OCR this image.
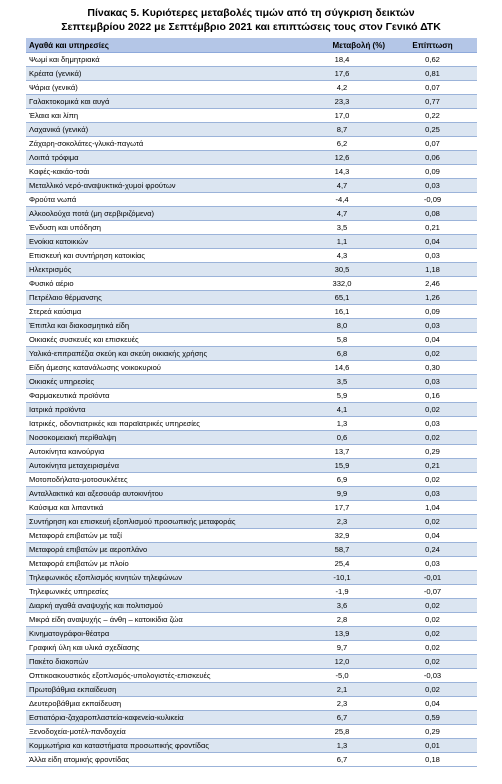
Πίνακας 5. Κυριότερες μεταβολές τιμών από τη σύγκριση δεικτών
Σεπτεμβρίου 2022 με Σεπτέμβριο 2021 και επιπτώσεις τους στον Γενικό ΔΤΚ
Αγαθά και υπηρεσίες	Μεταβολή (%)	Επίπτωση
Ψωμί και δημητριακά	18,4	0,62
Κρέατα (γενικά)	17,6	0,81
Ψάρια (γενικά)	4,2	0,07
Γαλακτοκομικά και αυγά	23,3	0,77
Έλαια και λίπη	17,0	0,22
Λαχανικά (γενικά)	8,7	0,25
Ζάχαρη-σοκολάτες-γλυκά-παγωτά	6,2	0,07
Λοιπά τρόφιμα	12,6	0,06
Καφές-κακάο-τσάι	14,3	0,09
Μεταλλικό νερό-αναψυκτικά-χυμοί φρούτων	4,7	0,03
Φρούτα νωπά	-4,4	-0,09
Αλκοολούχα ποτά (μη σερβιριζόμενα)	4,7	0,08
Ένδυση και υπόδηση	3,5	0,21
Ενοίκια κατοικιών	1,1	0,04
Επισκευή και συντήρηση κατοικίας	4,3	0,03
Ηλεκτρισμός	30,5	1,18
Φυσικό αέριο	332,0	2,46
Πετρέλαιο θέρμανσης	65,1	1,26
Στερεά καύσιμα	16,1	0,09
Έπιπλα και διακοσμητικά είδη	8,0	0,03
Οικιακές συσκευές και επισκευές	5,8	0,04
Υαλικά-επιτραπέζια σκεύη και σκεύη οικιακής χρήσης	6,8	0,02
Είδη άμεσης κατανάλωσης νοικοκυριού	14,6	0,30
Οικιακές υπηρεσίες	3,5	0,03
Φαρμακευτικά προϊόντα	5,9	0,16
Ιατρικά προϊόντα	4,1	0,02
Ιατρικές, οδοντιατρικές και παραϊατρικές υπηρεσίες	1,3	0,03
Νοσοκομειακή περίθαλψη	0,6	0,02
Αυτοκίνητα καινούργια	13,7	0,29
Αυτοκίνητα μεταχειρισμένα	15,9	0,21
Μοτοποδήλατα-μοτοσυκλέτες	6,9	0,02
Ανταλλακτικά και αξεσουάρ αυτοκινήτου	9,9	0,03
Καύσιμα και λιπαντικά	17,7	1,04
Συντήρηση και επισκευή εξοπλισμού προσωπικής μεταφοράς	2,3	0,02
Μεταφορά επιβατών με ταξί	32,9	0,04
Μεταφορά επιβατών με αεροπλάνο	58,7	0,24
Μεταφορά επιβατών με πλοίο	25,4	0,03
Τηλεφωνικός εξοπλισμός κινητών τηλεφώνων	-10,1	-0,01
Τηλεφωνικές υπηρεσίες	-1,9	-0,07
Διαρκή αγαθά αναψυχής και πολιτισμού	3,6	0,02
Μικρά είδη αναψυχής – άνθη – κατοικίδια ζώα	2,8	0,02
Κινηματογράφοι-θέατρα	13,9	0,02
Γραφική ύλη και υλικά σχεδίασης	9,7	0,02
Πακέτο διακοπών	12,0	0,02
Οπτικοακουστικός εξοπλισμός-υπολογιστές-επισκευές	-5,0	-0,03
Πρωτοβάθμια εκπαίδευση	2,1	0,02
Δευτεροβάθμια εκπαίδευση	2,3	0,04
Εστιατόρια-ζαχαροπλαστεία-καφενεία-κυλικεία	6,7	0,59
Ξενοδοχεία-μοτέλ-πανδοχεία	25,8	0,29
Κομμωτήρια και καταστήματα προσωπικής φροντίδας	1,3	0,01
Άλλα είδη ατομικής φροντίδας	6,7	0,18
